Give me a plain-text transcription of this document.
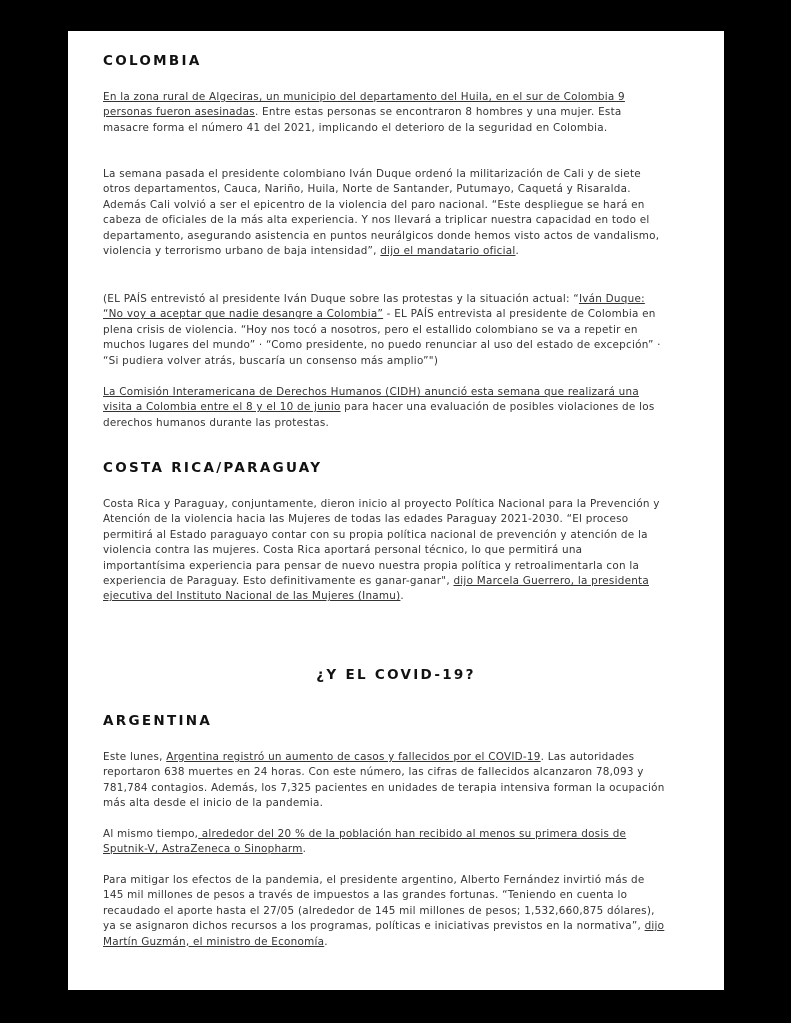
COLOMBIA

En la zona rural de Algeciras, un municipio del departamento del Huila, en el sur de Colombia 9 personas fueron asesinadas. Entre estas personas se encontraron 8 hombres y una mujer. Esta masacre forma el número 41 del 2021, implicando el deterioro de la seguridad en Colombia.

La semana pasada el presidente colombiano Iván Duque ordenó la militarización de Cali y de siete otros departamentos, Cauca, Nariño, Huila, Norte de Santander, Putumayo, Caquetá y Risaralda. Además Cali volvió a ser el epicentro de la violencia del paro nacional. “Este despliegue se hará en cabeza de oficiales de la más alta experiencia. Y nos llevará a triplicar nuestra capacidad en todo el departamento, asegurando asistencia en puntos neurálgicos donde hemos visto actos de vandalismo, violencia y terrorismo urbano de baja intensidad”, dijo el mandatario oficial.

(EL PAÍS entrevistó al presidente Iván Duque sobre las protestas y la situación actual: “Iván Duque: “No voy a aceptar que nadie desangre a Colombia” - EL PAÍS entrevista al presidente de Colombia en plena crisis de violencia. “Hoy nos tocó a nosotros, pero el estallido colombiano se va a repetir en muchos lugares del mundo” · “Como presidente, no puedo renunciar al uso del estado de excepción” · “Si pudiera volver atrás, buscaría un consenso más amplio”")

La Comisión Interamericana de Derechos Humanos (CIDH) anunció esta semana que realizará una visita a Colombia entre el 8 y el 10 de junio para hacer una evaluación de posibles violaciones de los derechos humanos durante las protestas.

COSTA RICA/PARAGUAY

Costa Rica y Paraguay, conjuntamente, dieron inicio al proyecto Política Nacional para la Prevención y Atención de la violencia hacia las Mujeres de todas las edades Paraguay 2021-2030. “El proceso permitirá al Estado paraguayo contar con su propia política nacional de prevención y atención de la violencia contra las mujeres. Costa Rica aportará personal técnico, lo que permitirá una importantísima experiencia para pensar de nuevo nuestra propia política y retroalimentarla con la experiencia de Paraguay. Esto definitivamente es ganar-ganar", dijo Marcela Guerrero, la presidenta ejecutiva del Instituto Nacional de las Mujeres (Inamu).

¿Y EL COVID-19?
ARGENTINA

Este lunes, Argentina registró un aumento de casos y fallecidos por el COVID-19. Las autoridades reportaron 638 muertes en 24 horas. Con este número, las cifras de fallecidos alcanzaron 78,093 y 781,784 contagios. Además, los 7,325 pacientes en unidades de terapia intensiva forman la ocupación más alta desde el inicio de la pandemia.

Al mismo tiempo, alrededor del 20 % de la población han recibido al menos su primera dosis de Sputnik-V, AstraZeneca o Sinopharm.

Para mitigar los efectos de la pandemia, el presidente argentino, Alberto Fernández invirtió más de 145 mil millones de pesos a través de impuestos a las grandes fortunas. “Teniendo en cuenta lo recaudado el aporte hasta el 27/05 (alrededor de 145 mil millones de pesos; 1,532,660,875 dólares), ya se asignaron dichos recursos a los programas, políticas e iniciativas previstos en la normativa”, dijo Martín Guzmán, el ministro de Economía.
